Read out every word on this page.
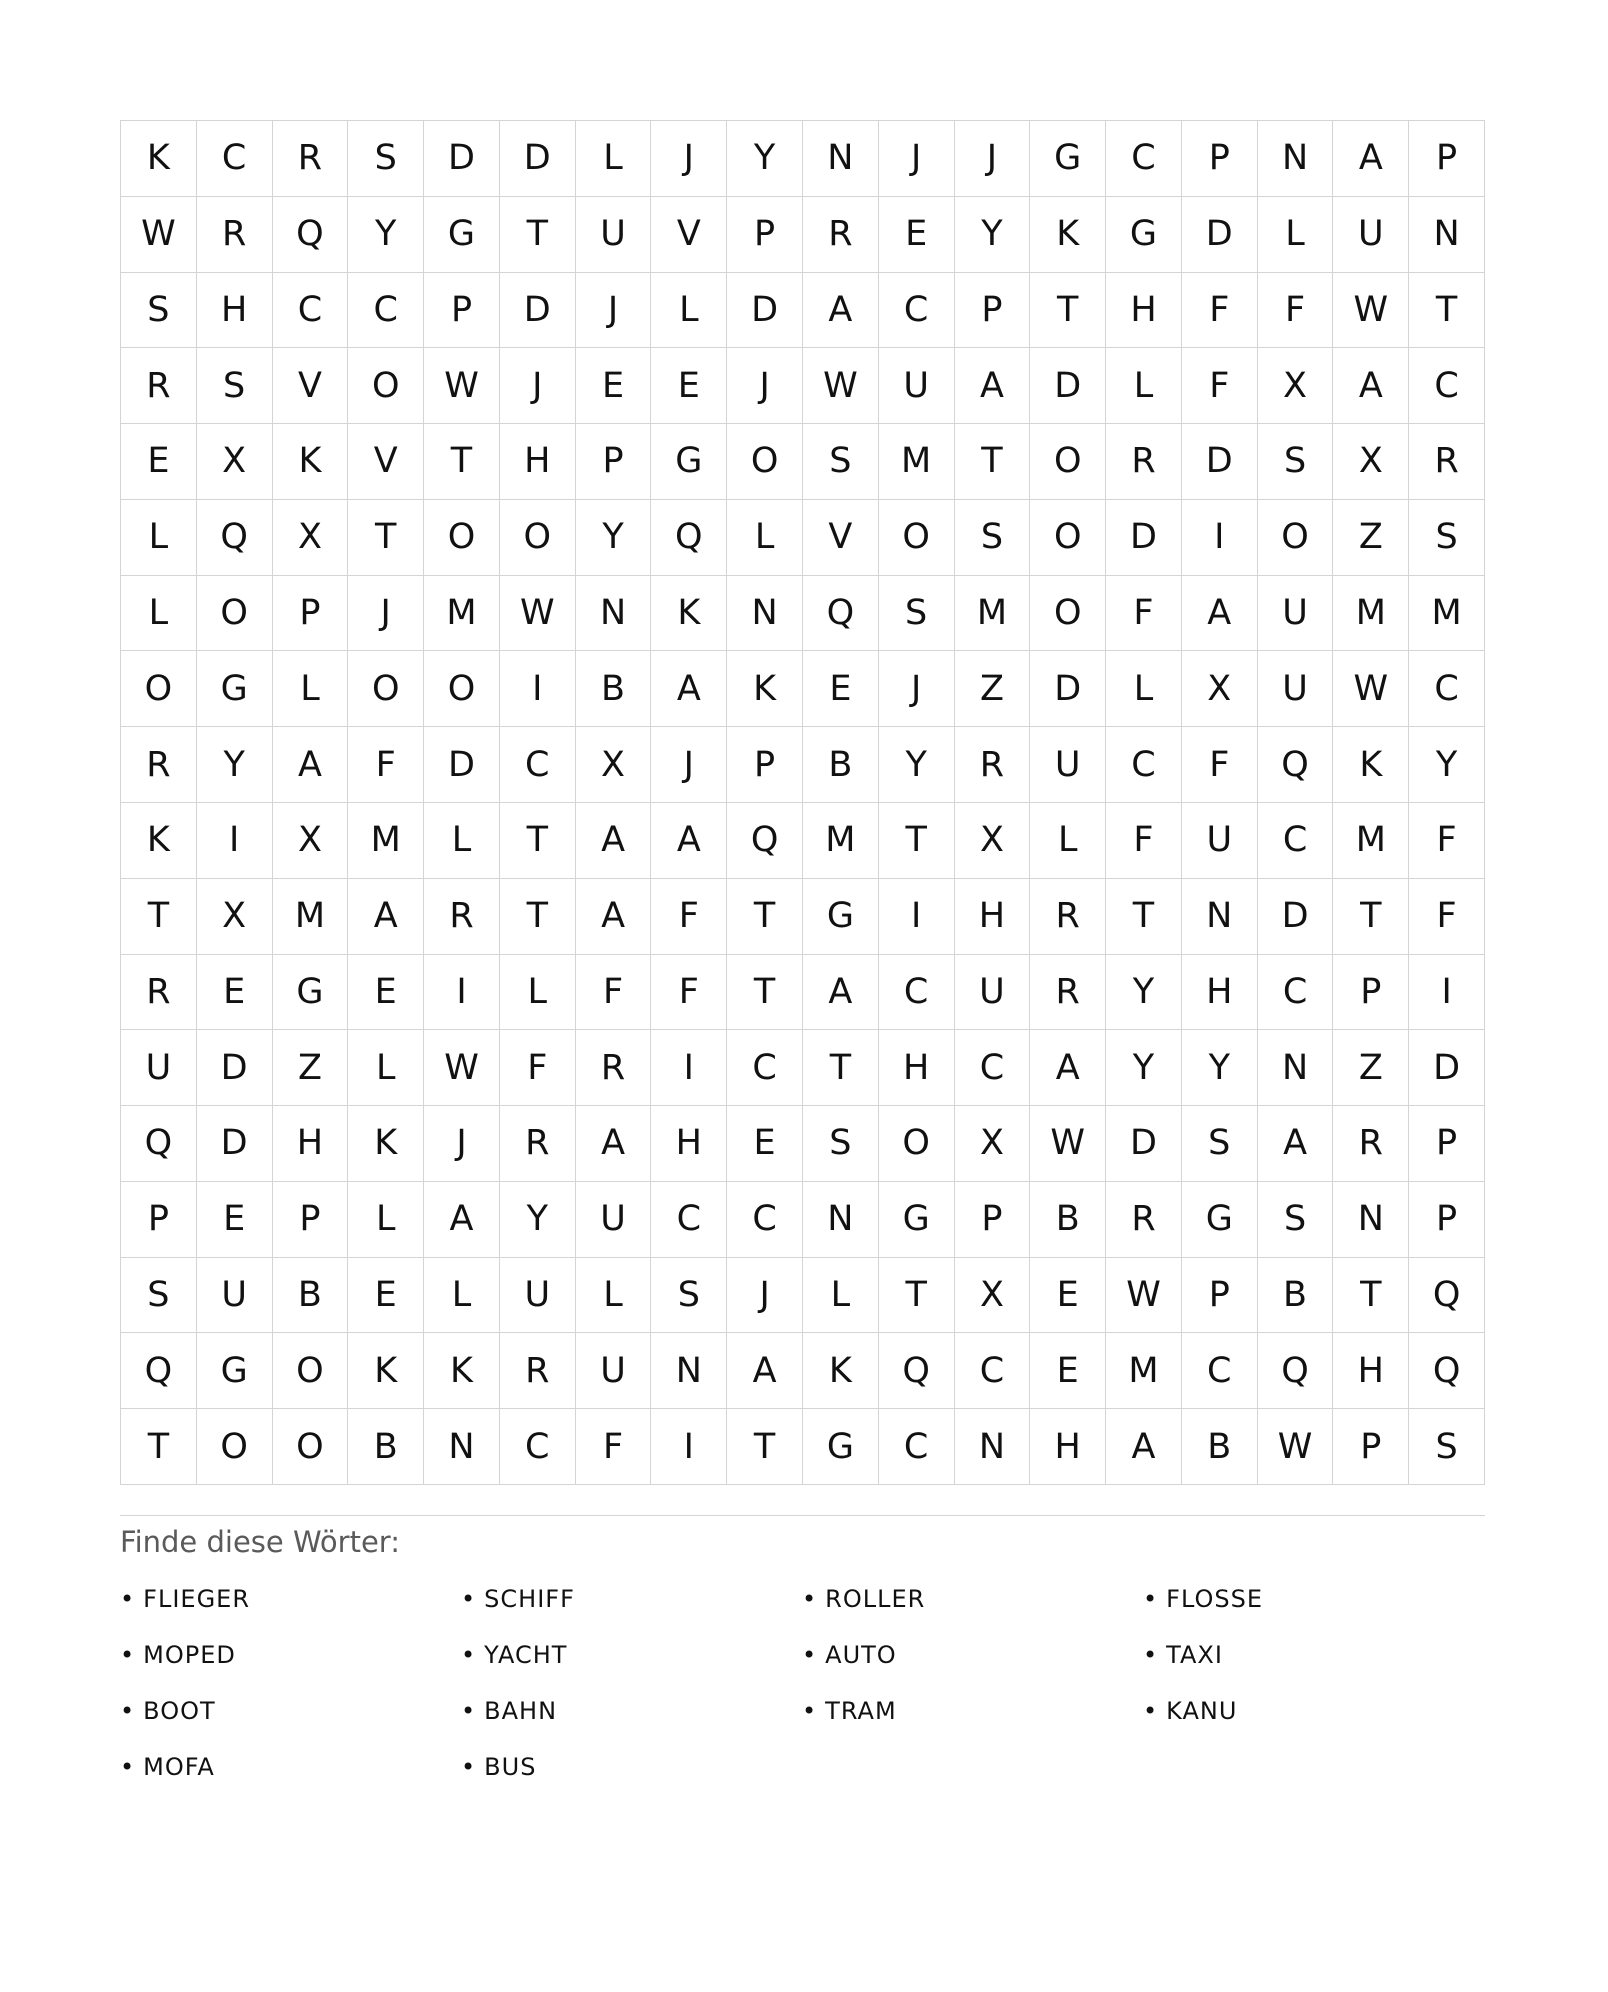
K	C	R	S	D	D	L	J	Y	N	J	J	G	C	P	N	A	P
W	R	Q	Y	G	T	U	V	P	R	E	Y	K	G	D	L	U	N
S	H	C	C	P	D	J	L	D	A	C	P	T	H	F	F	W	T
R	S	V	O	W	J	E	E	J	W	U	A	D	L	F	X	A	C
E	X	K	V	T	H	P	G	O	S	M	T	O	R	D	S	X	R
L	Q	X	T	O	O	Y	Q	L	V	O	S	O	D	I	O	Z	S
L	O	P	J	M	W	N	K	N	Q	S	M	O	F	A	U	M	M
O	G	L	O	O	I	B	A	K	E	J	Z	D	L	X	U	W	C
R	Y	A	F	D	C	X	J	P	B	Y	R	U	C	F	Q	K	Y
K	I	X	M	L	T	A	A	Q	M	T	X	L	F	U	C	M	F
T	X	M	A	R	T	A	F	T	G	I	H	R	T	N	D	T	F
R	E	G	E	I	L	F	F	T	A	C	U	R	Y	H	C	P	I
U	D	Z	L	W	F	R	I	C	T	H	C	A	Y	Y	N	Z	D
Q	D	H	K	J	R	A	H	E	S	O	X	W	D	S	A	R	P
P	E	P	L	A	Y	U	C	C	N	G	P	B	R	G	S	N	P
S	U	B	E	L	U	L	S	J	L	T	X	E	W	P	B	T	Q
Q	G	O	K	K	R	U	N	A	K	Q	C	E	M	C	Q	H	Q
T	O	O	B	N	C	F	I	T	G	C	N	H	A	B	W	P	S
Finde diese Wörter:
• FLIEGER	• SCHIFF	• ROLLER	• FLOSSE
• MOPED	• YACHT	• AUTO	• TAXI
• BOOT	• BAHN	• TRAM	• KANU
• MOFA	• BUS
